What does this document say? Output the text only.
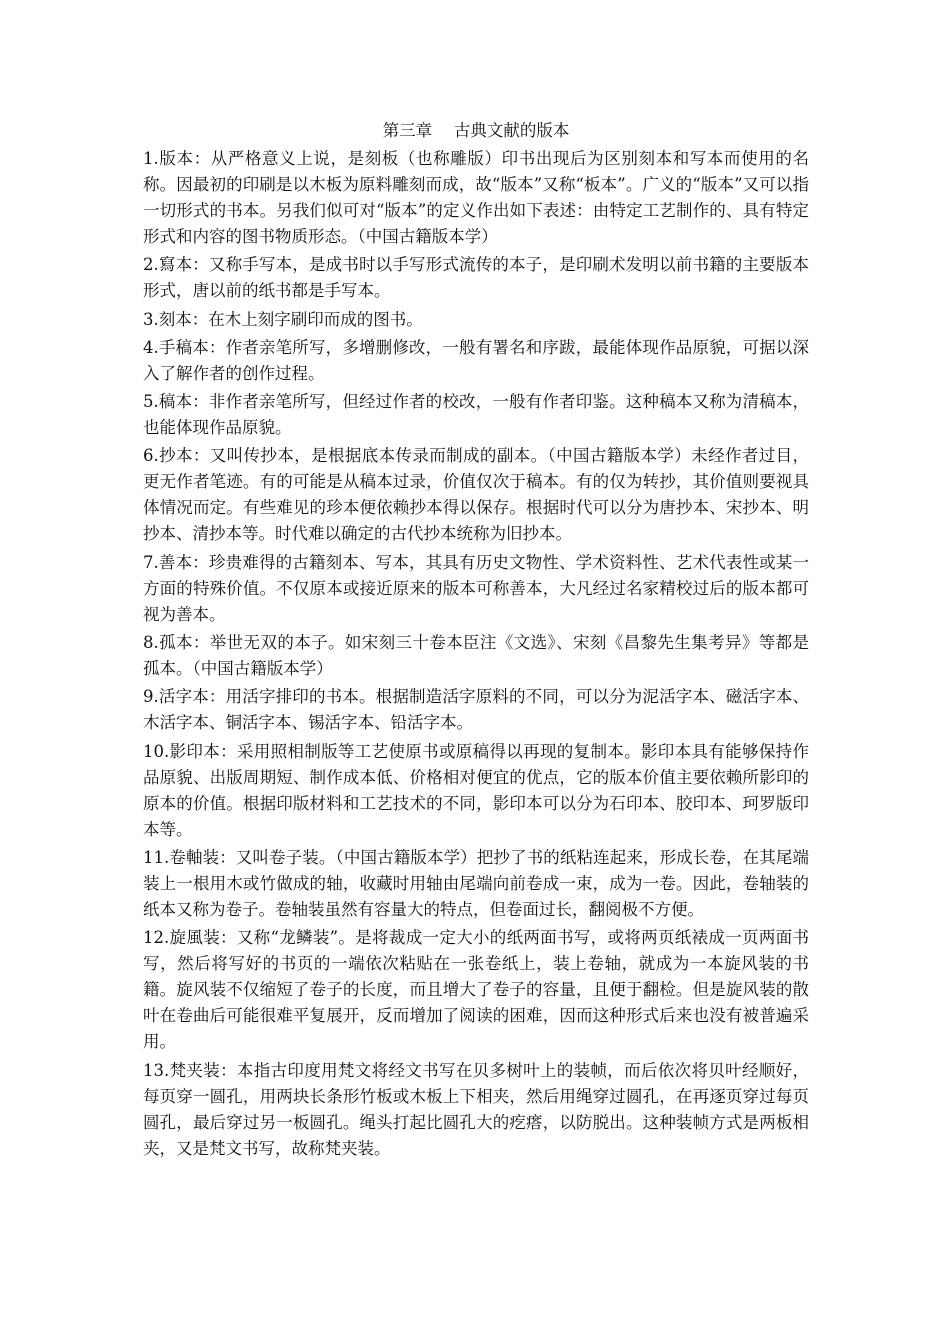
第三章　 古典文献的版本
1.版本：从严格意义上说，是刻板（也称雕版）印书出现后为区别刻本和写本而使用的名称。因最初的印刷是以木板为原料雕刻而成，故“版本”又称“板本”。广义的“版本”又可以指一切形式的书本。另我们似可对“版本”的定义作出如下表述：由特定工艺制作的、具有特定形式和内容的图书物质形态。（中国古籍版本学）
2.寫本：又称手写本，是成书时以手写形式流传的本子，是印刷术发明以前书籍的主要版本形式，唐以前的纸书都是手写本。
3.刻本：在木上刻字刷印而成的图书。
4.手稿本：作者亲笔所写，多增删修改，一般有署名和序跋，最能体现作品原貌，可据以深入了解作者的创作过程。
5.稿本：非作者亲笔所写，但经过作者的校改，一般有作者印鉴。这种稿本又称为清稿本，也能体现作品原貌。
6.抄本：又叫传抄本，是根据底本传录而制成的副本。（中国古籍版本学）未经作者过目，更无作者笔迹。有的可能是从稿本过录，价值仅次于稿本。有的仅为转抄，其价值则要视具体情况而定。有些难见的珍本便依赖抄本得以保存。根据时代可以分为唐抄本、宋抄本、明抄本、清抄本等。时代难以确定的古代抄本统称为旧抄本。
7.善本：珍贵难得的古籍刻本、写本，其具有历史文物性、学术资料性、艺术代表性或某一方面的特殊价值。不仅原本或接近原来的版本可称善本，大凡经过名家精校过后的版本都可视为善本。
8.孤本：举世无双的本子。如宋刻三十卷本臣注《文选》、宋刻《昌黎先生集考异》等都是孤本。（中国古籍版本学）
9.活字本：用活字排印的书本。根据制造活字原料的不同，可以分为泥活字本、磁活字本、木活字本、铜活字本、锡活字本、铅活字本。
10.影印本：采用照相制版等工艺使原书或原稿得以再现的复制本。影印本具有能够保持作品原貌、出版周期短、制作成本低、价格相对便宜的优点，它的版本价值主要依赖所影印的原本的价值。根据印版材料和工艺技术的不同，影印本可以分为石印本、胶印本、珂罗版印本等。
11.卷軸装：又叫卷子装。（中国古籍版本学）把抄了书的纸粘连起来，形成长卷，在其尾端装上一根用木或竹做成的轴，收藏时用轴由尾端向前卷成一束，成为一卷。因此，卷轴装的纸本又称为卷子。卷轴装虽然有容量大的特点，但卷面过长，翻阅极不方便。
12.旋風装：又称“龙鳞装”。是将裁成一定大小的纸两面书写，或将两页纸裱成一页两面书写，然后将写好的书页的一端依次粘贴在一张卷纸上，装上卷轴，就成为一本旋风装的书籍。旋风装不仅缩短了卷子的长度，而且增大了卷子的容量，且便于翻检。但是旋风装的散叶在卷曲后可能很难平复展开，反而增加了阅读的困难，因而这种形式后来也没有被普遍采用。
13.梵夹装：本指古印度用梵文将经文书写在贝多树叶上的装帧，而后依次将贝叶经顺好，每页穿一圆孔，用两块长条形竹板或木板上下相夹，然后用绳穿过圆孔，在再逐页穿过每页圆孔，最后穿过另一板圆孔。绳头打起比圆孔大的疙瘩，以防脱出。这种装帧方式是两板相夹，又是梵文书写，故称梵夹装。
